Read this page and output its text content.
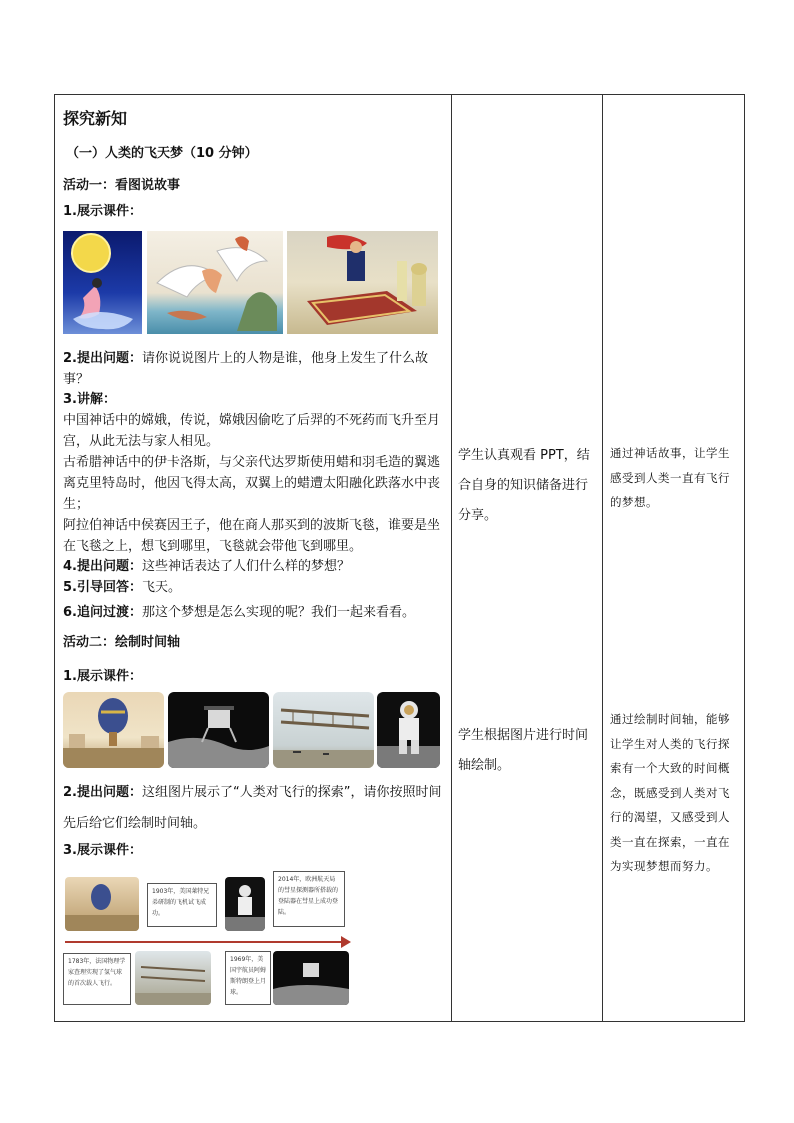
探究新知
（一）人类的飞天梦（10 分钟）
活动一：看图说故事
1.展示课件：
2.提出问题：请你说说图片上的人物是谁，他身上发生了什么故事？
3.讲解：
中国神话中的嫦娥，传说，嫦娥因偷吃了后羿的不死药而飞升至月宫，从此无法与家人相见。
古希腊神话中的伊卡洛斯，与父亲代达罗斯使用蜡和羽毛造的翼逃离克里特岛时，他因飞得太高，双翼上的蜡遭太阳融化跌落水中丧生；
阿拉伯神话中侯赛因王子，他在商人那买到的波斯飞毯，谁要是坐在飞毯之上，想飞到哪里，飞毯就会带他飞到哪里。
4.提出问题：这些神话表达了人们什么样的梦想？
5.引导回答：飞天。
6.追问过渡：那这个梦想是怎么实现的呢？我们一起来看看。
活动二：绘制时间轴
1.展示课件：
2.提出问题：这组图片展示了“人类对飞行的探索”，请你按照时间先后给它们绘制时间轴。
3.展示课件：
1903年，美国莱特兄弟研制的飞机试飞成功。
2014年，欧洲航天局的彗星探测器所搭载的登陆器在彗星上成功登陆。
1783年，法国物理学家查理实现了氢气球的首次载人飞行。
1969年，美国宇航员阿姆斯特朗登上月球。
学生认真观看 PPT，结合自身的知识储备进行分享。
学生根据图片进行时间轴绘制。
通过神话故事，让学生感受到人类一直有飞行的梦想。
通过绘制时间轴，能够让学生对人类的飞行探索有一个大致的时间概念，既感受到人类对飞行的渴望，又感受到人类一直在探索，一直在为实现梦想而努力。
